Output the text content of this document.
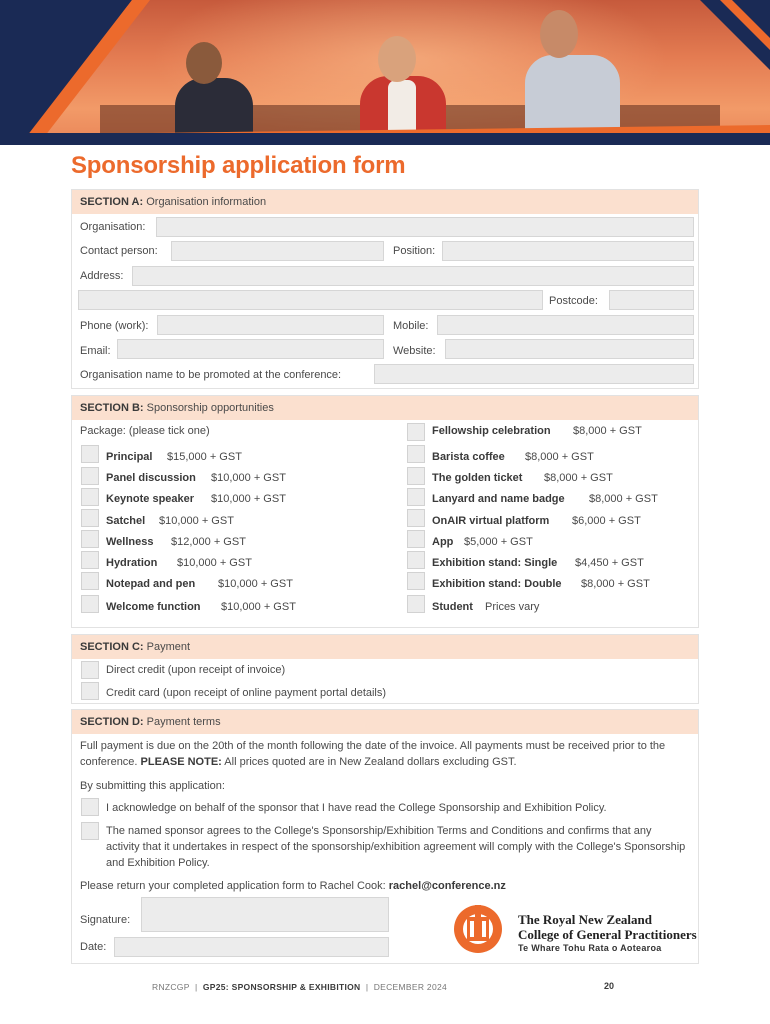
Sponsorship application form
SECTION A: Organisation information
Organisation:
Contact person:	Position:
Address:
Postcode:
Phone (work):	Mobile:
Email:	Website:
Organisation name to be promoted at the conference:
SECTION B: Sponsorship opportunities
Package: (please tick one)
Principal $15,000 + GST
Panel discussion $10,000 + GST
Keynote speaker $10,000 + GST
Satchel $10,000 + GST
Wellness $12,000 + GST
Hydration $10,000 + GST
Notepad and pen $10,000 + GST
Welcome function $10,000 + GST
Fellowship celebration $8,000 + GST
Barista coffee $8,000 + GST
The golden ticket $8,000 + GST
Lanyard and name badge $8,000 + GST
OnAIR virtual platform $6,000 + GST
App $5,000 + GST
Exhibition stand: Single $4,450 + GST
Exhibition stand: Double $8,000 + GST
Student Prices vary
SECTION C: Payment
Direct credit (upon receipt of invoice)
Credit card (upon receipt of online payment portal details)
SECTION D: Payment terms
Full payment is due on the 20th of the month following the date of the invoice. All payments must be received prior to the conference. PLEASE NOTE: All prices quoted are in New Zealand dollars excluding GST.
By submitting this application:
I acknowledge on behalf of the sponsor that I have read the College Sponsorship and Exhibition Policy.
The named sponsor agrees to the College's Sponsorship/Exhibition Terms and Conditions and confirms that any activity that it undertakes in respect of the sponsorship/exhibition agreement will comply with the College's Sponsorship and Exhibition Policy.
Please return your completed application form to Rachel Cook: rachel@conference.nz
Signature:
Date:
The Royal New Zealand
College of General Practitioners
Te Whare Tohu Rata o Aotearoa
RNZCGP | GP25: SPONSORSHIP & EXHIBITION | DECEMBER 2024	20
